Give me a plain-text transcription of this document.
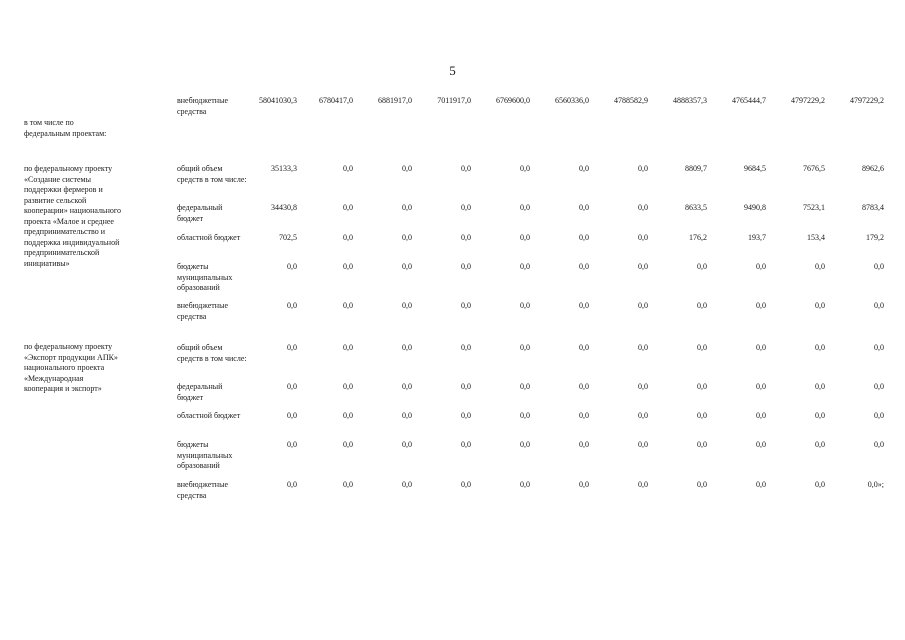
5
внебюджетные средства
58041030,3	6780417,0	6881917,0	7011917,0	6769600,0	6560336,0	4788582,9	4888357,3	4765444,7	4797229,2	4797229,2
в том числе по федеральным проектам:
по федеральному проекту «Создание системы поддержки фермеров и развитие сельской кооперации» национального проекта «Малое и среднее предпринимательство и поддержка индивидуальной предпринимательской инициативы»
общий объем средств в том числе:
35133,3	0,0	0,0	0,0	0,0	0,0	0,0	8809,7	9684,5	7676,5	8962,6
федеральный бюджет
34430,8	0,0	0,0	0,0	0,0	0,0	0,0	8633,5	9490,8	7523,1	8783,4
областной бюджет	702,5	0,0	0,0	0,0	0,0	0,0	0,0	176,2	193,7	153,4	179,2
бюджеты муниципальных образований
0,0	0,0	0,0	0,0	0,0	0,0	0,0	0,0	0,0	0,0	0,0
внебюджетные средства
0,0	0,0	0,0	0,0	0,0	0,0	0,0	0,0	0,0	0,0	0,0
по федеральному проекту «Экспорт продукции АПК» национального проекта «Международная кооперация и экспорт»
общий объем средств в том числе:
0,0	0,0	0,0	0,0	0,0	0,0	0,0	0,0	0,0	0,0	0,0
федеральный бюджет
0,0	0,0	0,0	0,0	0,0	0,0	0,0	0,0	0,0	0,0	0,0
областной бюджет	0,0	0,0	0,0	0,0	0,0	0,0	0,0	0,0	0,0	0,0	0,0
бюджеты муниципальных образований
0,0	0,0	0,0	0,0	0,0	0,0	0,0	0,0	0,0	0,0	0,0
внебюджетные средства
0,0	0,0	0,0	0,0	0,0	0,0	0,0	0,0	0,0	0,0	0,0»;
